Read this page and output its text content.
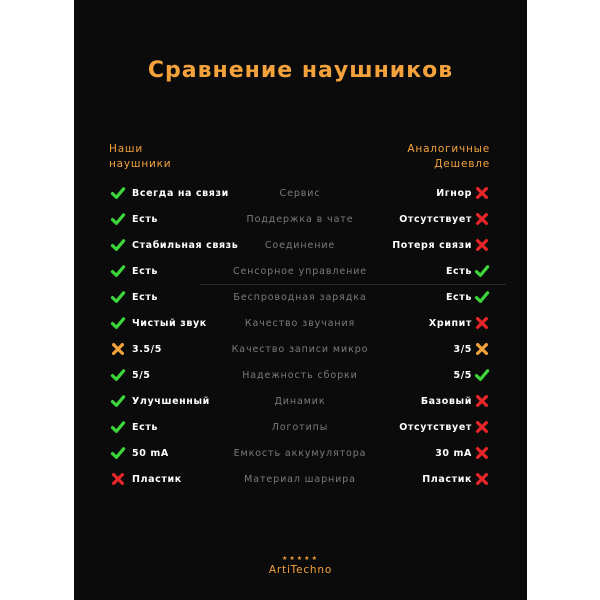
Сравнение наушников
Наши
наушники
Аналогичные
Дешевле
Всегда на связи	Сервис	Игнор
Есть	Поддержка в чате	Отсутствует
Стабильная связь	Соединение	Потеря связи
Есть	Сенсорное управление	Есть
Есть	Беспроводная зарядка	Есть
Чистый звук	Качество звучания	Хрипит
3.5/5	Качество записи микро	3/5
5/5	Надежность сборки	5/5
Улучшенный	Динамик	Базовый
Есть	Логотипы	Отсутствует
50 mA	Емкость аккумулятора	30 mA
Пластик	Материал шарнира	Пластик
★★★★★
ArtiTechno
